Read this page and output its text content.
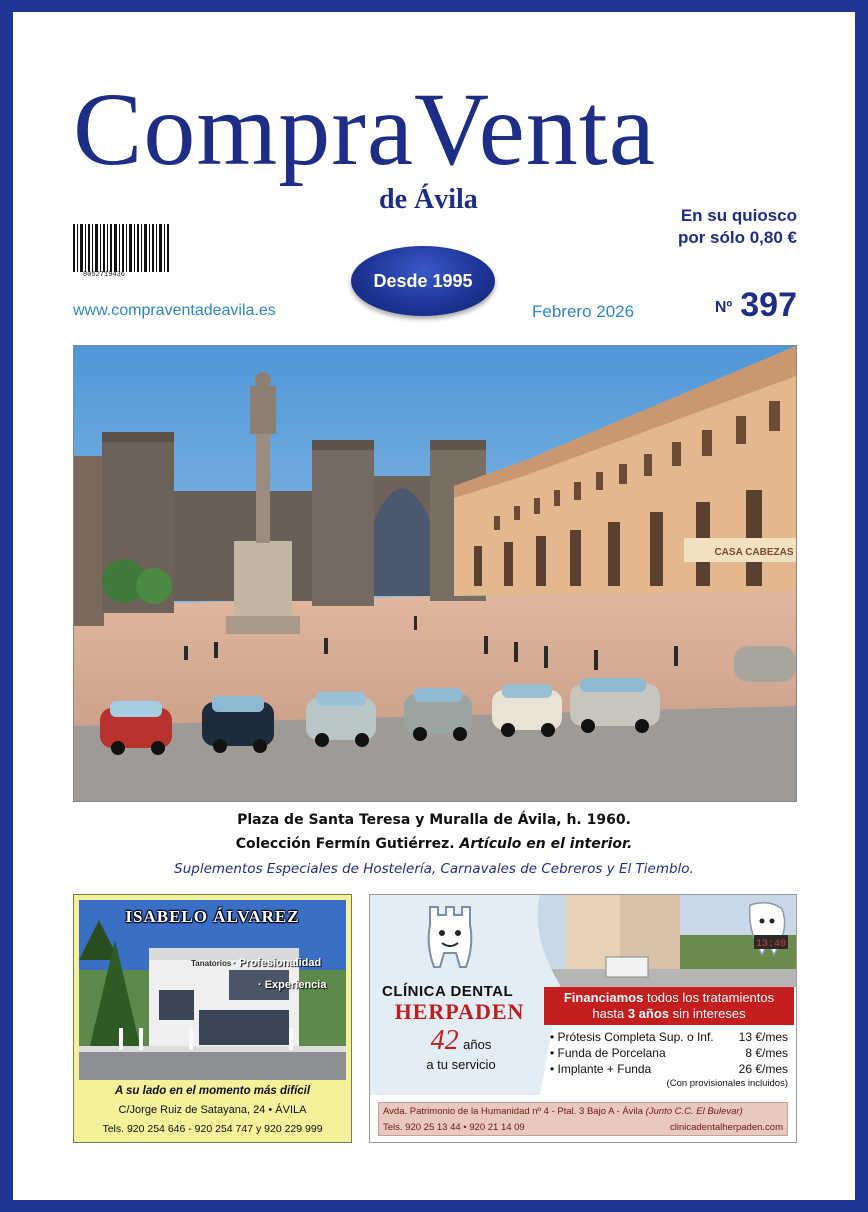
CompraVenta
de Ávila
8052719436	Desde 1995
En su quiosco
por sólo 0,80 €
www.compraventadeavila.es	Febrero 2026	Nº 397
CASA CABEZAS
Plaza de Santa Teresa y Muralla de Ávila, h. 1960.
Colección Fermín Gutiérrez. Artículo en el interior.
Suplementos Especiales de Hostelería, Carnavales de Cebreros y El Tiemblo.
Tanatorios
ISABELO ÁLVAREZ
· Profesionalidad
· Experiencia
A su lado en el momento más difícil
C/Jorge Ruiz de Satayana, 24 • ÁVILA
Tels. 920 254 646 - 920 254 747 y 920 229 999
13:40
CLÍNICA DENTAL
HERPADEN
42 años
a tu servicio
Financiamos todos los tratamientos
hasta 3 años sin intereses
• Prótesis Completa Sup. o Inf. 13 €/mes
• Funda de Porcelana	8 €/mes
• Implante + Funda	26 €/mes
(Con provisionales incluidos)
Avda. Patrimonio de la Humanidad nº 4 - Ptal. 3 Bajo A - Ávila (Junto C.C. El Bulevar)
Tels. 920 25 13 44 • 920 21 14 09	clinicadentalherpaden.com
